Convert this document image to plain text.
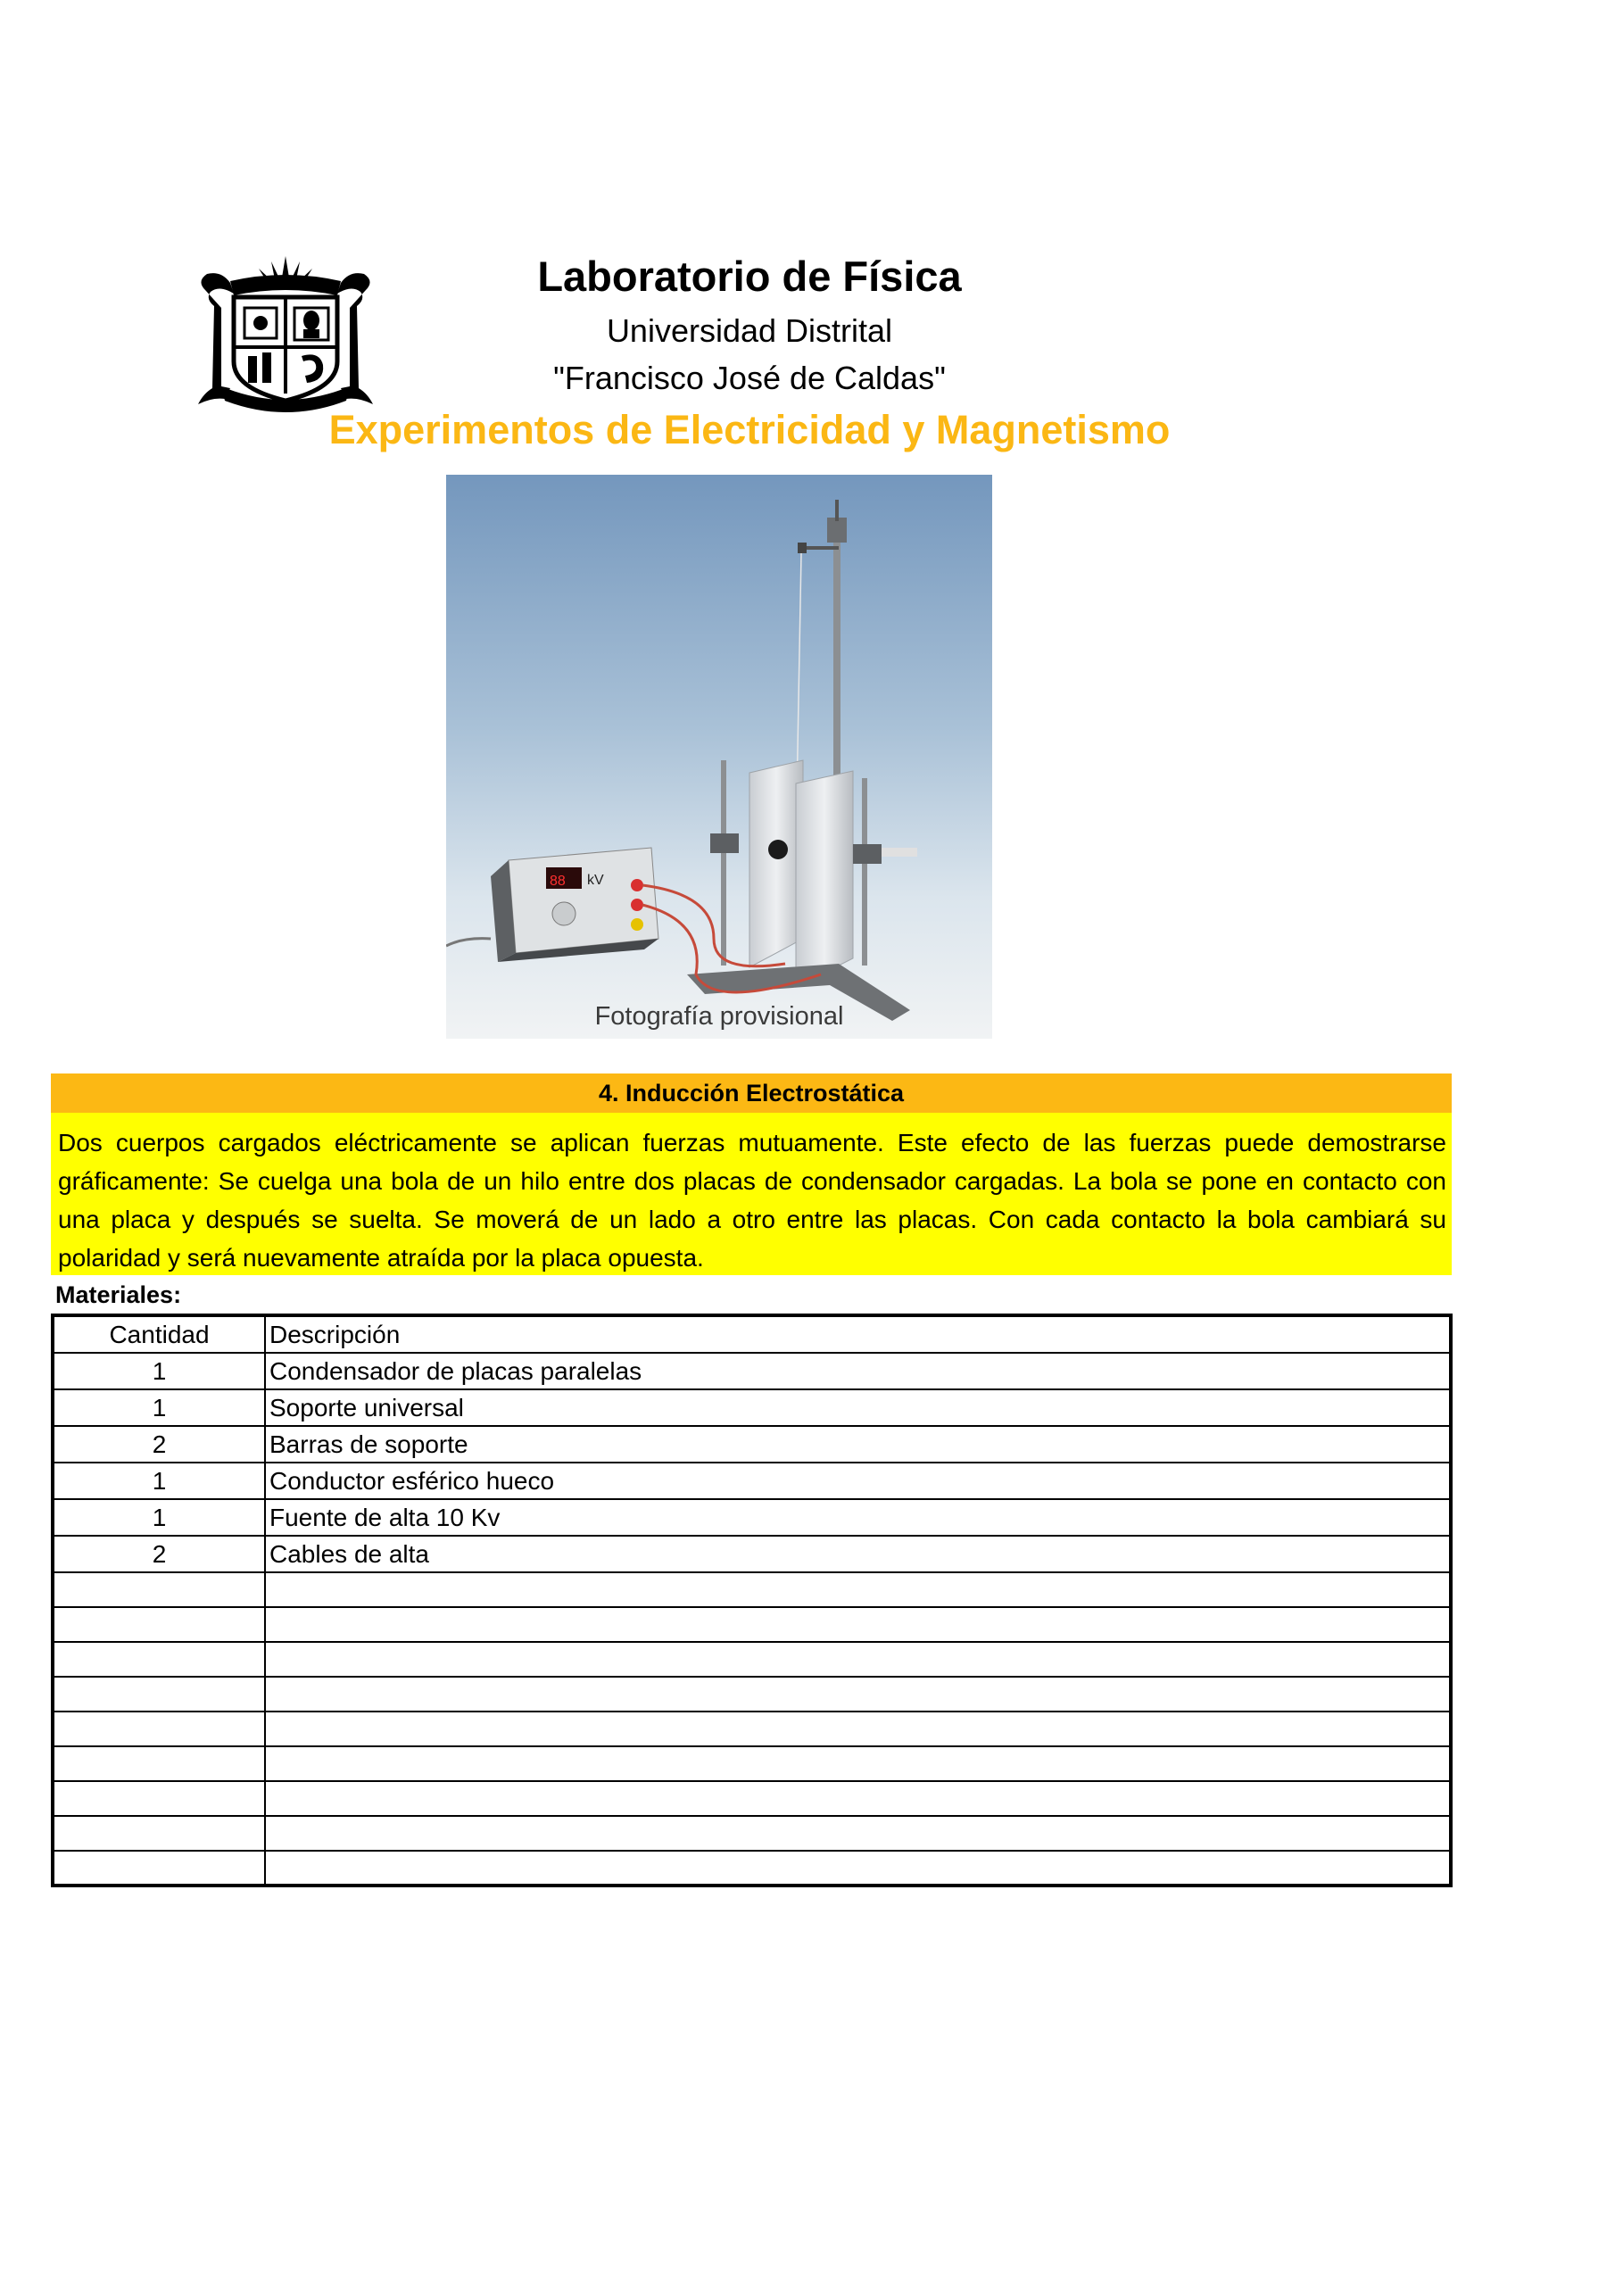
Laboratorio de Física
Universidad Distrital
"Francisco José de Caldas"
Experimentos de Electricidad y Magnetismo
88 kV
Fotografía provisional
4. Inducción Electrostática
Dos cuerpos cargados eléctricamente se aplican fuerzas mutuamente. Este efecto de las fuerzas puede demostrarse gráficamente: Se cuelga una bola de un hilo entre dos placas de condensador cargadas. La bola se pone en contacto con una placa y después se suelta. Se moverá de un lado a otro entre las placas. Con cada contacto la bola cambiará su polaridad y será nuevamente atraída por la placa opuesta.
Materiales:
Cantidad	Descripción
1	Condensador de placas paralelas
1	Soporte universal
2	Barras de soporte
1	Conductor esférico hueco
1	Fuente de alta 10 Kv
2	Cables de alta
